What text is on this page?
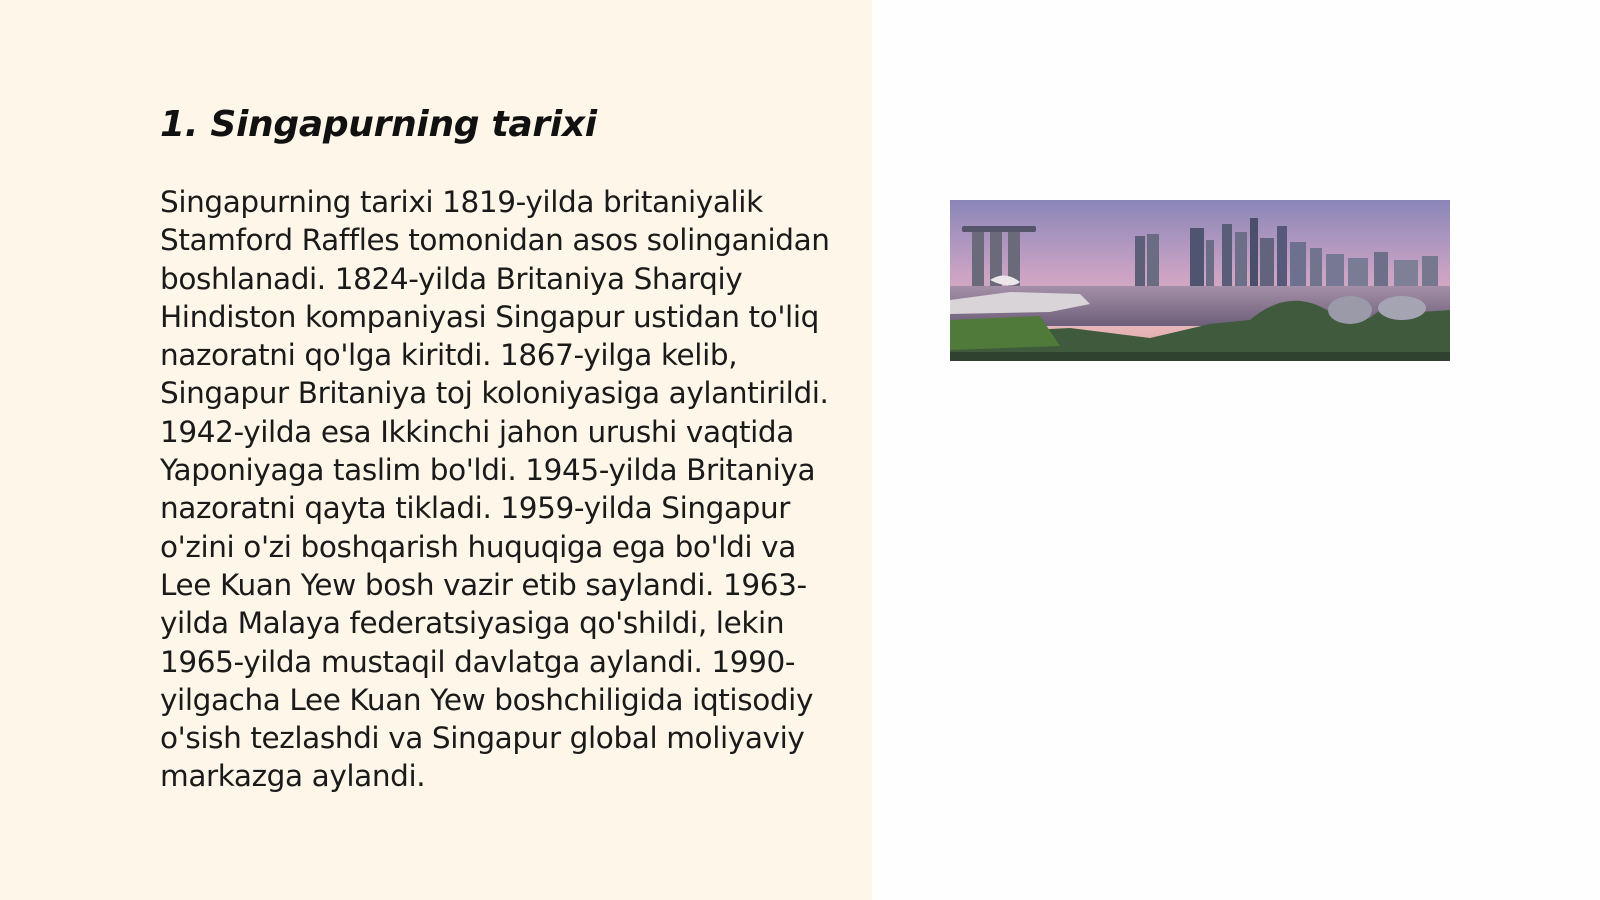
1. Singapurning tarixi

Singapurning tarixi 1819-yilda britaniyalik Stamford Raffles tomonidan asos solinganidan boshlanadi. 1824-yilda Britaniya Sharqiy Hindiston kompaniyasi Singapur ustidan to'liq nazoratni qo'lga kiritdi. 1867-yilga kelib, Singapur Britaniya toj koloniyasiga aylantirildi. 1942-yilda esa Ikkinchi jahon urushi vaqtida Yaponiyaga taslim bo'ldi. 1945-yilda Britaniya nazoratni qayta tikladi. 1959-yilda Singapur o'zini o'zi boshqarish huquqiga ega bo'ldi va Lee Kuan Yew bosh vazir etib saylandi. 1963-yilda Malaya federatsiyasiga qo'shildi, lekin 1965-yilda mustaqil davlatga aylandi. 1990-yilgacha Lee Kuan Yew boshchiligida iqtisodiy o'sish tezlashdi va Singapur global moliyaviy markazga aylandi.
